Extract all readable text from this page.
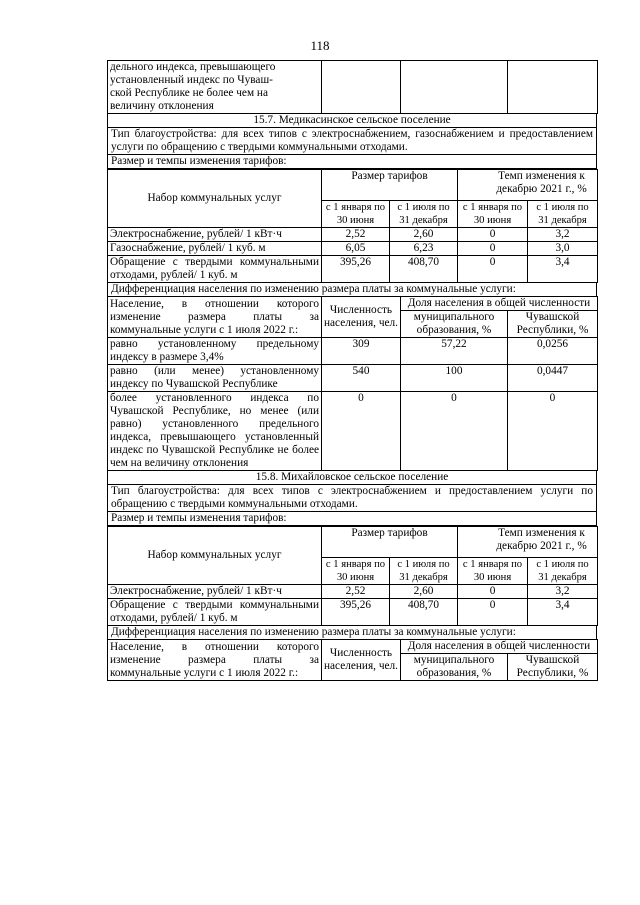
118
дельного индекса, превышающего
установленный индекс по Чуваш-
ской Республике не более чем на
величину отклонения

15.7. Медикасинское сельское поселение
Тип благоустройства: для всех типов с электроснабжением, газоснабжением и предоставлением услуги по обращению с твердыми коммунальными отходами.
Размер и темпы изменения тарифов:
Набор коммунальных услуг	Размер тарифов		Темп изменения к декабрю 2021 г., %	
	с 1 января по 30 июня	с 1 июля по 31 декабря	с 1 января по 30 июня	с 1 июля по 31 декабря
Электроснабжение, рублей/ 1 кВт·ч	2,52	2,60	0	3,2
Газоснабжение, рублей/ 1 куб. м	6,05	6,23	0	3,0
Обращение с твердыми коммунальными отходами, рублей/ 1 куб. м	395,26	408,70	0	3,4
Дифференциация населения по изменению размера платы за коммунальные услуги:
Население, в отношении которого изменение размера платы за коммунальные услуги с 1 июля 2022 г.:	Численность населения, чел.	Доля населения в общей численности	
		муниципального образования, %	Чувашской Республики, %
равно установленному предельному индексу в размере 3,4%	309	57,22	0,0256
равно (или менее) установленному индексу по Чувашской Республике	540	100	0,0447
более установленного индекса по Чувашской Республике, но менее (или равно) установленного предельного индекса, превышающего установленный индекс по Чувашской Республике не более чем на величину отклонения	0	0	0
15.8. Михайловское сельское поселение
Тип благоустройства: для всех типов с электроснабжением и предоставлением услуги по обращению с твердыми коммунальными отходами.
Размер и темпы изменения тарифов:
Набор коммунальных услуг	Размер тарифов		Темп изменения к декабрю 2021 г., %	
	с 1 января по 30 июня	с 1 июля по 31 декабря	с 1 января по 30 июня	с 1 июля по 31 декабря
Электроснабжение, рублей/ 1 кВт·ч	2,52	2,60	0	3,2
Обращение с твердыми коммунальными отходами, рублей/ 1 куб. м	395,26	408,70	0	3,4
Дифференциация населения по изменению размера платы за коммунальные услуги:
Население, в отношении которого изменение размера платы за коммунальные услуги с 1 июля 2022 г.:	Численность населения, чел.	Доля населения в общей численности	
		муниципального образования, %	Чувашской Республики, %
